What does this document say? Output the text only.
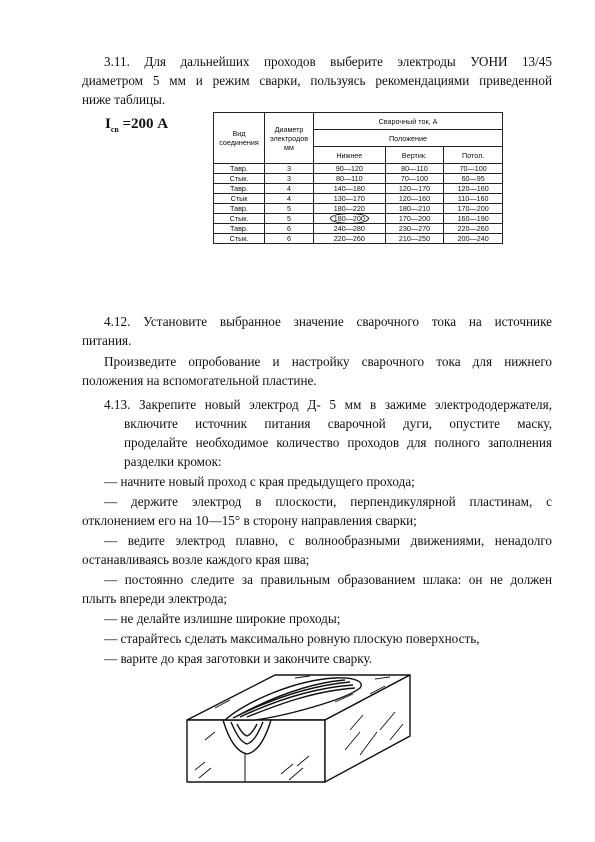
3.11. Для дальнейших проходов выберите электроды УОНИ 13/45
диаметром 5 мм и режим сварки, пользуясь рекомендациями приведенной
ниже таблицы.
$I_{св} =200$ А
Вид соединения	Диаметр электродов мм	Сварочный ток, А		
		Положение		
		Нижнее	Вертик.	Потол.
Тавр.	3	90—120	80—110	70—100
Стык.	3	80—110	70—100	60—95
Тавр.	4	140—180	120—170	120—160
Стык	4	130—170	120—160	110—160
Тавр.	5	180—220	180—210	170—200
Стык.	5	180—200	170—200	160—190
Тавр.	6	240—280	230—270	220—260
Стык.	6	220—260	210—250	200—240
4.12. Установите выбранное значение сварочного тока на источнике
питания.
Произведите опробование и настройку сварочного тока для нижнего
положения на вспомогательной пластине.
4.13. Закрепите новый электрод Д- 5 мм в зажиме электрододержателя,
включите источник питания сварочной дуги, опустите маску,
проделайте необходимое количество проходов для полного заполнения
разделки кромок:
— начните новый проход с края предыдущего прохода;
— держите электрод в плоскости, перпендикулярной пластинам, с
отклонением его на 10—15° в сторону направления сварки;
— ведите электрод плавно, с волнообразными движениями, ненадолго
останавливаясь возле каждого края шва;
— постоянно следите за правильным образованием шлака: он не должен
плыть впереди электрода;
— не делайте излишне широкие проходы;
— старайтесь сделать максимально ровную плоскую поверхность,
— варите до края заготовки и закончите сварку.
